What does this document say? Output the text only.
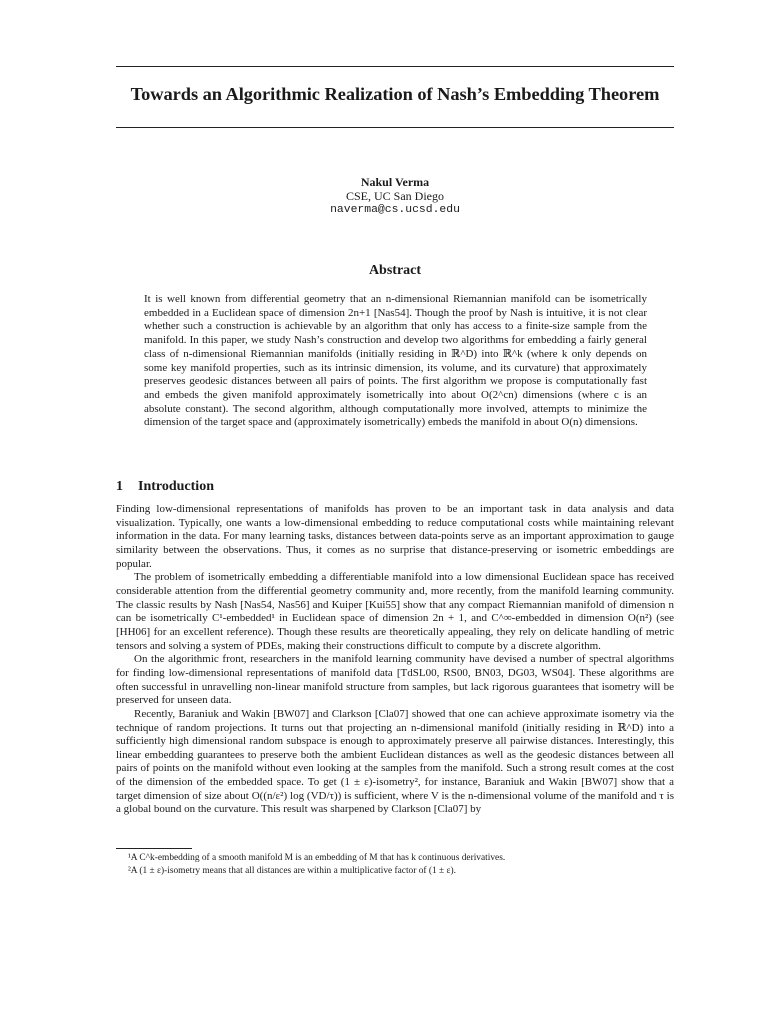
Towards an Algorithmic Realization of Nash’s Embedding Theorem
Nakul Verma
CSE, UC San Diego
naverma@cs.ucsd.edu
Abstract
It is well known from differential geometry that an n-dimensional Riemannian manifold can be isometrically embedded in a Euclidean space of dimension 2n+1 [Nas54]. Though the proof by Nash is intuitive, it is not clear whether such a construction is achievable by an algorithm that only has access to a finite-size sample from the manifold. In this paper, we study Nash’s construction and develop two algorithms for embedding a fairly general class of n-dimensional Riemannian manifolds (initially residing in ℝ^D) into ℝ^k (where k only depends on some key manifold properties, such as its intrinsic dimension, its volume, and its curvature) that approximately preserves geodesic distances between all pairs of points. The first algorithm we propose is computationally fast and embeds the given manifold approximately isometrically into about O(2^cn) dimensions (where c is an absolute constant). The second algorithm, although computationally more involved, attempts to minimize the dimension of the target space and (approximately isometrically) embeds the manifold in about O(n) dimensions.
1 Introduction

Finding low-dimensional representations of manifolds has proven to be an important task in data analysis and data visualization. Typically, one wants a low-dimensional embedding to reduce computational costs while maintaining relevant information in the data. For many learning tasks, distances between data-points serve as an important approximation to gauge similarity between the observations. Thus, it comes as no surprise that distance-preserving or isometric embeddings are popular.

The problem of isometrically embedding a differentiable manifold into a low dimensional Euclidean space has received considerable attention from the differential geometry community and, more recently, from the manifold learning community. The classic results by Nash [Nas54, Nas56] and Kuiper [Kui55] show that any compact Riemannian manifold of dimension n can be isometrically C¹-embedded¹ in Euclidean space of dimension 2n + 1, and C^∞-embedded in dimension O(n²) (see [HH06] for an excellent reference). Though these results are theoretically appealing, they rely on delicate handling of metric tensors and solving a system of PDEs, making their constructions difficult to compute by a discrete algorithm.

On the algorithmic front, researchers in the manifold learning community have devised a number of spectral algorithms for finding low-dimensional representations of manifold data [TdSL00, RS00, BN03, DG03, WS04]. These algorithms are often successful in unravelling non-linear manifold structure from samples, but lack rigorous guarantees that isometry will be preserved for unseen data.

Recently, Baraniuk and Wakin [BW07] and Clarkson [Cla07] showed that one can achieve approximate isometry via the technique of random projections. It turns out that projecting an n-dimensional manifold (initially residing in ℝ^D) into a sufficiently high dimensional random subspace is enough to approximately preserve all pairwise distances. Interestingly, this linear embedding guarantees to preserve both the ambient Euclidean distances as well as the geodesic distances between all pairs of points on the manifold without even looking at the samples from the manifold. Such a strong result comes at the cost of the dimension of the embedded space. To get (1 ± ε)-isometry², for instance, Baraniuk and Wakin [BW07] show that a target dimension of size about O((n/ε²) log (VD/τ)) is sufficient, where V is the n-dimensional volume of the manifold and τ is a global bound on the curvature. This result was sharpened by Clarkson [Cla07] by

¹A C^k-embedding of a smooth manifold M is an embedding of M that has k continuous derivatives.
²A (1 ± ε)-isometry means that all distances are within a multiplicative factor of (1 ± ε).
